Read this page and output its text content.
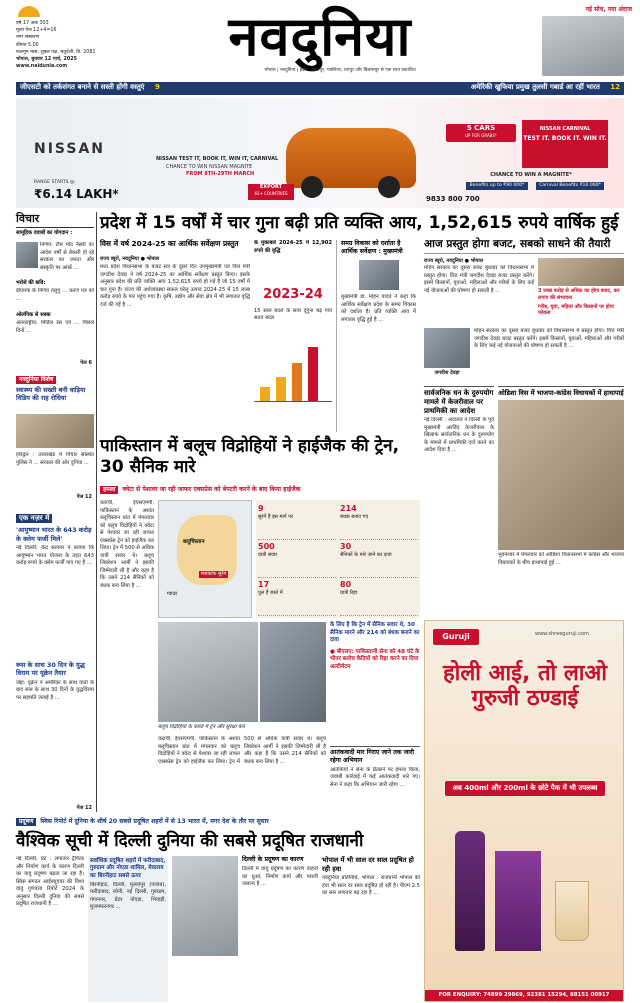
वर्ष 17 अंक 303
मूल्य पेज 12+4=16
नगर संस्करण
कीमत 5.00
फाल्गुन मास, शुक्ल पक्ष, चतुर्दशी, वि. 2081
भोपाल, बुधवार 12 मार्च, 2025
www.naidunia.com	नवदुनिया	नई सोच, नया अंदाज
भोपाल | नवदुनिया | इंदौर, जबलपुर, ग्वालियर, रायपुर और बिलासपुर से एक साथ प्रकाशित
जीएसटी को तर्कसंगत बनाने से सस्ती होंगी वस्तुएं 9	अमेरिकी खुफिया प्रमुख तुलसी गबार्ड आ रहीं भारत 12
NISSAN
NISSAN TEST IT, BOOK IT, WIN IT, CARNIVAL
CHANCE TO WIN NISSAN MAGNITE
FROM 8TH-29TH MARCH
RANGE STARTS @
₹6.14 LAKH*	EXPORT
65+ COUNTRIES
5 CARS
UP FOR GRABS*
NISSAN CARNIVAL
TEST IT. BOOK IT. WIN IT.
CHANCE TO WIN A MAGNITE*
Benefits up to ₹90 000*	Carnival Benefits ₹10 000*
9833 800 700
विचार
सामूहिक दवाबों का योगदान :
निर्णय: टीम मोद नैसरी का आदेश वर्षों से बेकारी हो रहे सरकार का जनता और संस्कृति पर आंखें ...
भरोसे की छवि:
डीएमके के निर्णय तेलुगु ... करण पत्र को ...
ओलंपिक से सबक
अंतरराष्ट्रीय: मिडिल रेस एवं ... पिछले दिनों ...
पेज 6
नवदुनिया विशेष
स्वास्थ्य की सख्ती बनी वाड़िया विडिय की राह रोधिया
हरिद्वार : उत्तराखंड में विचार संस्थित पुलिस ने ... सरकार की ओर दुनिया ...
पेज 12
एक नज़र में
'आयुष्मान भारत के 643 करोड़ के क्लेम फर्जी मिले'
नई दिल्ली: केंद्र सरकार ने बताया कि आयुष्मान भारत योजना के तहत 643 करोड़ रुपये के क्लेम फर्जी पाए गए हैं ...
रूस के साथ 30 दिन के युद्ध विराम पर यूक्रेन तैयार
जेद्दा: यूक्रेन ने अमेरिका के साथ वार्ता के बाद रूस के साथ 30 दिनों के युद्धविराम पर सहमति जताई है ...
पेज 12
प्रदेश में 15 वर्षों में चार गुना बढ़ी प्रति व्यक्ति आय, 1,52,615 रुपये वार्षिक हुई
विस में वर्ष 2024-25 का आर्थिक सर्वेक्षण प्रस्तुत
राज्य ब्यूरो, नवदुनिया ● भोपाल
मध्य प्रदेश विधानसभा के बजट सत्र के दूसरे दिन उपमुख्यमंत्री एवं वित्त मंत्री जगदीश देवड़ा ने वर्ष 2024-25 का आर्थिक सर्वेक्षण प्रस्तुत किया। इसके अनुसार प्रदेश की प्रति व्यक्ति आय 1,52,615 रुपये हो गई है जो 15 वर्षों में चार गुना है। राज्य की अर्थव्यवस्था सकल घरेलू उत्पाद 2024-25 में 15 लाख करोड़ रुपये के पार पहुंच गया है। कृषि, उद्योग और सेवा क्षेत्र में भी लगातार वृद्धि दर्ज की गई है ...
के मुकाबले 2024-25 में 12,902 रुपये की वृद्धि
2023-24
15 साल बदले के साथ दूगुना बढ़ गया सतत बदल
समग्र विकास को दर्शाता है आर्थिक सर्वेक्षण : मुख्यमंत्री
मुख्यमंत्री डा. मोहन यादव ने कहा कि आर्थिक सर्वेक्षण प्रदेश के समग्र विकास को दर्शाता है। प्रति व्यक्ति आय में लगातार वृद्धि हुई है ...
आज प्रस्तुत होगा बजट, सबको साधने की तैयारी
राज्य ब्यूरो, नवदुनिया ● भोपाल
मोहन सरकार का दूसरा बजट बुधवार को विधानसभा में प्रस्तुत होगा। वित्त मंत्री जगदीश देवड़ा बजट प्रस्तुत करेंगे। इसमें किसानों, युवाओं, महिलाओं और गरीबों के लिए कई नई योजनाओं की घोषणा हो सकती है ...	3 लाख करोड़ से अधिक का होगा बजट, कर लगाए की संभावना
गरीब, युवा, महिला और किसानों पर होगा फोकस
जगदीश देवड़ा
मोहन सरकार का दूसरा बजट बुधवार को विधानसभा में प्रस्तुत होगा। वित्त मंत्री जगदीश देवड़ा बजट प्रस्तुत करेंगे। इसमें किसानों, युवाओं, महिलाओं और गरीबों के लिए कई नई योजनाओं की घोषणा हो सकती है ...
सार्वजनिक धन के दुरुपयोग मामले में केजरीवाल पर प्राथमिकी का आदेश
नई दिल्ली : अदालत ने दिल्ली के पूर्व मुख्यमंत्री अरविंद केजरीवाल के खिलाफ सार्वजनिक धन के दुरुपयोग के मामले में प्राथमिकी दर्ज करने का आदेश दिया है ...
ओडिशा विस में भाजपा-कांग्रेस विधायकों में हाथापाई
भुवनेश्वर में मंगलवार को ओडिशा विधानसभा में कांग्रेस और भाजपा विधायकों के बीच हाथापाई हुई ...
पाकिस्तान में बलूच विद्रोहियों ने हाईजैक की ट्रेन, 30 सैनिक मारे
हमला क्वेटा से पेशावर जा रही जाफर एक्सप्रेस को बेपटरी करने के बाद किया हाईजैक
कराची, ईएसएमपी. पाकिस्तान के अशांत बलूचिस्तान प्रांत में मंगलवार को बलूच विद्रोहियों ने क्वेटा से पेशावर जा रही जाफर एक्सप्रेस ट्रेन को हाईजैक कर लिया। ट्रेन में 500 से अधिक यात्री सवार थे। बलूच लिबरेशन आर्मी ने इसकी जिम्मेदारी ली है और कहा है कि उसने 214 सैनिकों को बंधक बना लिया है ...
बलूचिस्तान
ग्वादर
मशकाफ सुरंग
9
सुरंगें हैं इस मार्ग पर
214
बंधक बनाए गए
500
यात्री सवार
30
सैनिकों के मारे जाने का दावा
17
पुल हैं रास्ते में
80
यात्री रिहा
के लिए है कि ट्रेन में सैनिक सवार थे, 30 सैनिक मारने और 214 को बंधक बनाने का दावा
● बीएलए: पाकिस्तानी सेना को 48 घंटे के भीतर बलोच कैदियों को रिहा करने का दिया अल्टीमेटम
बलूच विद्रोहियों के कब्जे में ट्रेन और सुरक्षा बल
कराची, ईएसएमपी. पाकिस्तान के अशांत बलूचिस्तान प्रांत में मंगलवार को बलूच विद्रोहियों ने क्वेटा से पेशावर जा रही जाफर एक्सप्रेस ट्रेन को हाईजैक कर लिया। ट्रेन में 500 से अधिक यात्री सवार थे। बलूच लिबरेशन आर्मी ने इसकी जिम्मेदारी ली है और कहा है कि उसने 214 सैनिकों को बंधक बना लिया है ...
आतंकवादी मार गिराए जाने तक जारी रहेगा अभियान
आतंकियों ने सेना के ठिकाने पर हमला किया, जवाबी कार्रवाई में कई आतंकवादी मारे गए। सेना ने कहा कि अभियान जारी रहेगा ...
Guruji	www.shreeguruji.com
होली आई, तो लाओ गुरुजी ठण्डाई
अब 400ml और 200ml के छोटे पैक में भी उपलब्ध
FOR ENQUIRY: 74899 29869, 92381 15294, 88151 00917
प्रदूषण स्विस रिपोर्ट में दुनिया के शीर्ष 20 सबसे प्रदूषित शहरों में से 13 भारत में, मगर देश के तौर पर सुधार
वैश्विक सूची में दिल्ली दुनिया की सबसे प्रदूषित राजधानी
नई दिल्ली, प्रेट : लगातार ट्रैफिक और निर्माण कार्य के कारण दिल्ली का वायु प्रदूषण बढ़ता जा रहा है। स्विस संगठन आईक्यूएयर की विश्व वायु गुणवत्ता रिपोर्ट 2024 के अनुसार दिल्ली दुनिया की सबसे प्रदूषित राजधानी है ...
सर्वाधिक प्रदूषित शहरों में फरीदाबाद, गुरुग्राम और नोएडा शामिल, मेघालय का बिरनीहाट सबसे ऊपर
बिरनीहाट, दिल्ली, मुल्लांपुर (पंजाब), फरीदाबाद, लोनी, नई दिल्ली, गुरुग्राम, गंगानगर, ग्रेटर नोएडा, भिवाड़ी, मुजफ्फरनगर ...
दिल्ली के प्रदूषण का कारण
दिल्ली में वायु प्रदूषण का कारण वाहनों का धुआं, निर्माण कार्य और पराली जलाना है ...
भोपाल में भी साल दर साल प्रदूषित हो रही हवा
नवदुनिया प्रतिनिधि, भोपाल : राजधानी भोपाल की हवा भी साल दर साल प्रदूषित हो रही है। पीएम 2.5 का स्तर लगातार बढ़ रहा है ...
